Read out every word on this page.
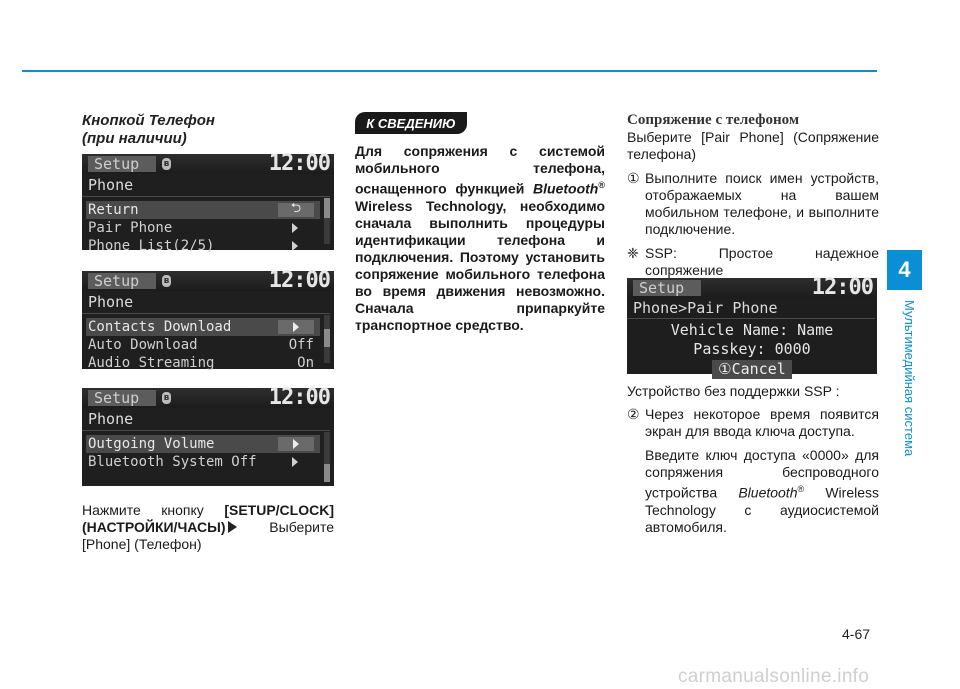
4
Мультимедийная система

Кнопкой Телефон

(при наличии)

Setup	ʙ	12:00
Phone
Return	⮌
Pair Phone
Phone List(2/5)
Setup	ʙ	12:00
Phone
Contacts Download
Auto Download	Off
Audio Streaming	On
Setup	ʙ	12:00
Phone
Outgoing Volume
Bluetooth System Off
Нажмите кнопку [SETUP/CLOCK] (НАСТРОЙКИ/ЧАСЫ) Выберите [Phone] (Телефон)
К СВЕДЕНИЮ
Для сопряжения с системой мобильного телефона, оснащенного функцией Bluetooth® Wireless Technology, необходимо сначала выполнить процедуры идентификации телефона и подключения. Поэтому установить сопряжение мобильного телефона во время движения невозможно. Сначала припаркуйте транспортное средство.

Сопряжение с телефоном

Выберите [Pair Phone] (Сопряжение телефона)

① Выполните поиск имен устройств, отображаемых на вашем мобильном телефоне, и выполните подключение.
❈ SSP: Простое надежное сопряжение
Setup	12:00
Phone>Pair Phone
Vehicle Name: Name
Passkey: 0000
①Cancel

Устройство без поддержки SSP :

② Через некоторое время появится экран для ввода ключа доступа.
Введите ключ доступа «0000» для сопряжения беспроводного устройства Bluetooth® Wireless Technology с аудиосистемой автомобиля.
4-67
carmanualsonline.info
